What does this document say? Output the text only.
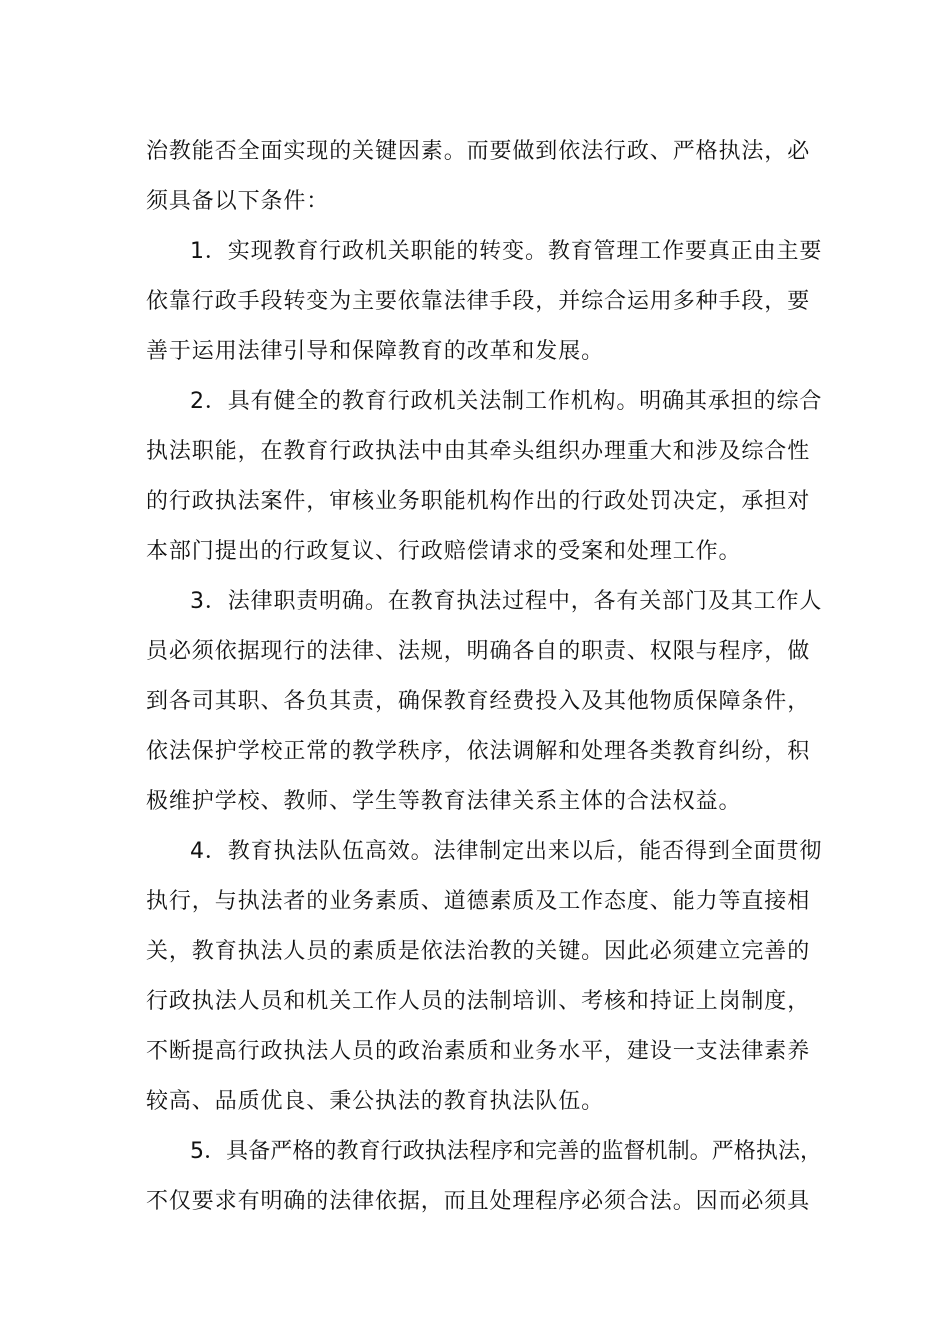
治教能否全面实现的关键因素。而要做到依法行政、严格执法，必
须具备以下条件：
1．实现教育行政机关职能的转变。教育管理工作要真正由主要
依靠行政手段转变为主要依靠法律手段，并综合运用多种手段，要
善于运用法律引导和保障教育的改革和发展。
2．具有健全的教育行政机关法制工作机构。明确其承担的综合
执法职能，在教育行政执法中由其牵头组织办理重大和涉及综合性
的行政执法案件，审核业务职能机构作出的行政处罚决定，承担对
本部门提出的行政复议、行政赔偿请求的受案和处理工作。
3．法律职责明确。在教育执法过程中，各有关部门及其工作人
员必须依据现行的法律、法规，明确各自的职责、权限与程序，做
到各司其职、各负其责，确保教育经费投入及其他物质保障条件，
依法保护学校正常的教学秩序，依法调解和处理各类教育纠纷，积
极维护学校、教师、学生等教育法律关系主体的合法权益。
4．教育执法队伍高效。法律制定出来以后，能否得到全面贯彻
执行，与执法者的业务素质、道德素质及工作态度、能力等直接相
关，教育执法人员的素质是依法治教的关键。因此必须建立完善的
行政执法人员和机关工作人员的法制培训、考核和持证上岗制度，
不断提高行政执法人员的政治素质和业务水平，建设一支法律素养
较高、品质优良、秉公执法的教育执法队伍。
5．具备严格的教育行政执法程序和完善的监督机制。严格执法，
不仅要求有明确的法律依据，而且处理程序必须合法。因而必须具
